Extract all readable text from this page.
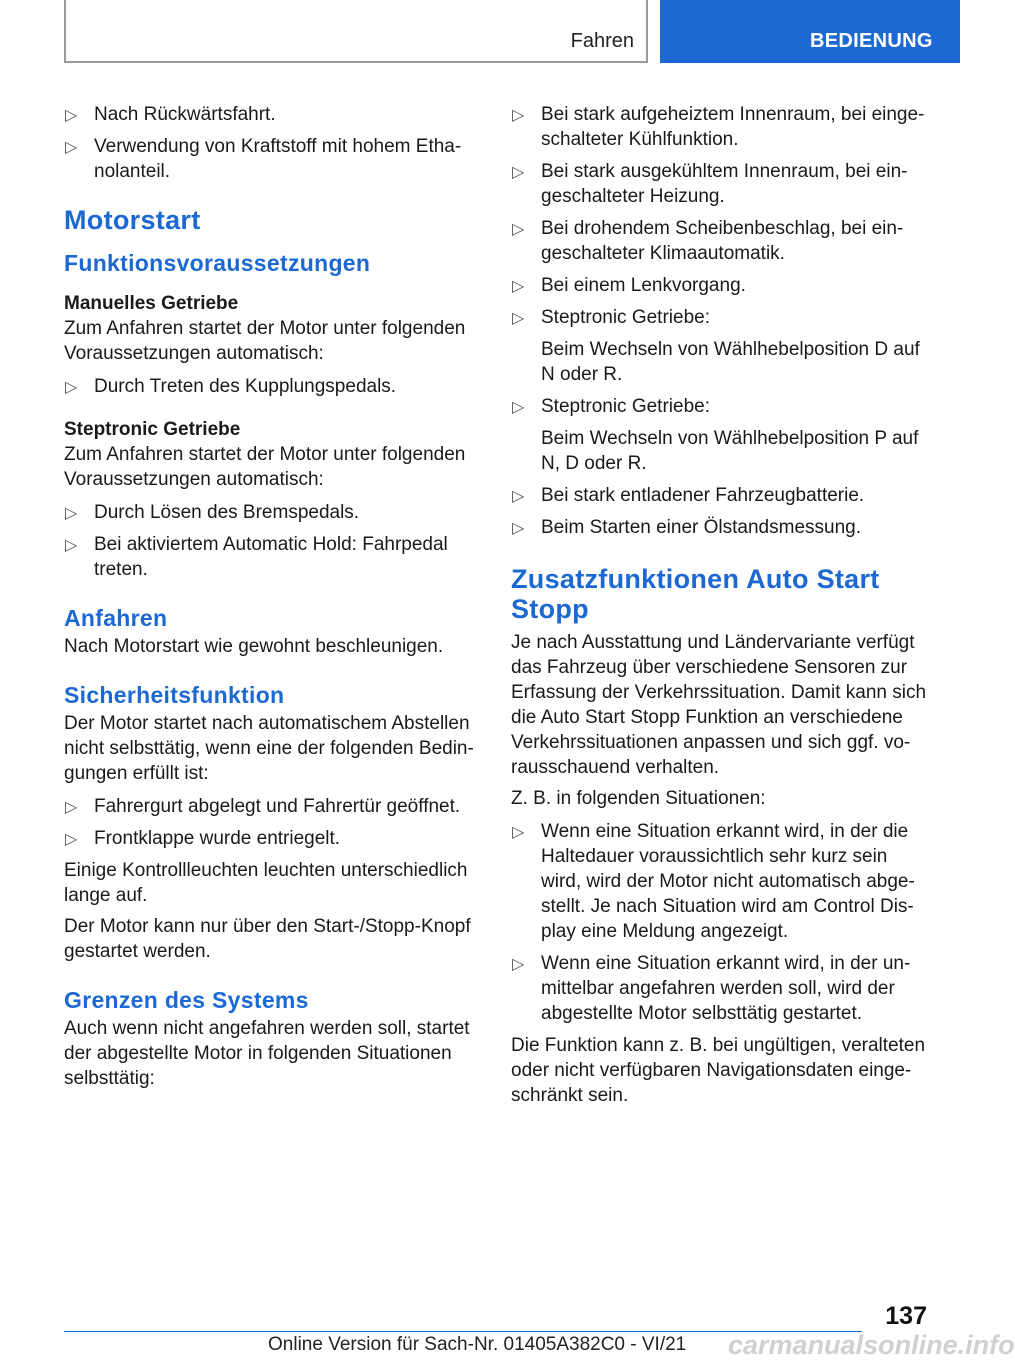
Fahren	BEDIENUNG
▷ Nach Rückwärtsfahrt.
▷ Verwendung von Kraftstoff mit hohem Etha-nolanteil.
Motorstart
Funktionsvoraussetzungen
Manuelles Getriebe
Zum Anfahren startet der Motor unter folgenden Voraussetzungen automatisch:
▷ Durch Treten des Kupplungspedals.
Steptronic Getriebe
Zum Anfahren startet der Motor unter folgenden Voraussetzungen automatisch:
▷ Durch Lösen des Bremspedals.
▷ Bei aktiviertem Automatic Hold: Fahrpedal treten.
Anfahren
Nach Motorstart wie gewohnt beschleunigen.
Sicherheitsfunktion
Der Motor startet nach automatischem Abstellen nicht selbsttätig, wenn eine der folgenden Bedin-gungen erfüllt ist:
▷ Fahrergurt abgelegt und Fahrertür geöffnet.
▷ Frontklappe wurde entriegelt.
Einige Kontrollleuchten leuchten unterschiedlich lange auf.
Der Motor kann nur über den Start-/Stopp-Knopf gestartet werden.
Grenzen des Systems
Auch wenn nicht angefahren werden soll, startet der abgestellte Motor in folgenden Situationen selbsttätig:
▷ Bei stark aufgeheiztem Innenraum, bei einge-schalteter Kühlfunktion.
▷ Bei stark ausgekühltem Innenraum, bei ein-geschalteter Heizung.
▷ Bei drohendem Scheibenbeschlag, bei ein-geschalteter Klimaautomatik.
▷ Bei einem Lenkvorgang.
▷ Steptronic Getriebe:
Beim Wechseln von Wählhebelposition D auf N oder R.
▷ Steptronic Getriebe:
Beim Wechseln von Wählhebelposition P auf N, D oder R.
▷ Bei stark entladener Fahrzeugbatterie.
▷ Beim Starten einer Ölstandsmessung.
Zusatzfunktionen Auto Start Stopp
Je nach Ausstattung und Ländervariante verfügt das Fahrzeug über verschiedene Sensoren zur Erfassung der Verkehrssituation. Damit kann sich die Auto Start Stopp Funktion an verschiedene Verkehrssituationen anpassen und sich ggf. vo-rausschauend verhalten.
Z. B. in folgenden Situationen:
▷ Wenn eine Situation erkannt wird, in der die Haltedauer voraussichtlich sehr kurz sein wird, wird der Motor nicht automatisch abge-stellt. Je nach Situation wird am Control Dis-play eine Meldung angezeigt.
▷ Wenn eine Situation erkannt wird, in der un-mittelbar angefahren werden soll, wird der abgestellte Motor selbsttätig gestartet.
Die Funktion kann z. B. bei ungültigen, veralteten oder nicht verfügbaren Navigationsdaten einge-schränkt sein.
137
Online Version für Sach-Nr. 01405A382C0 - VI/21 carmanualsonline.info
